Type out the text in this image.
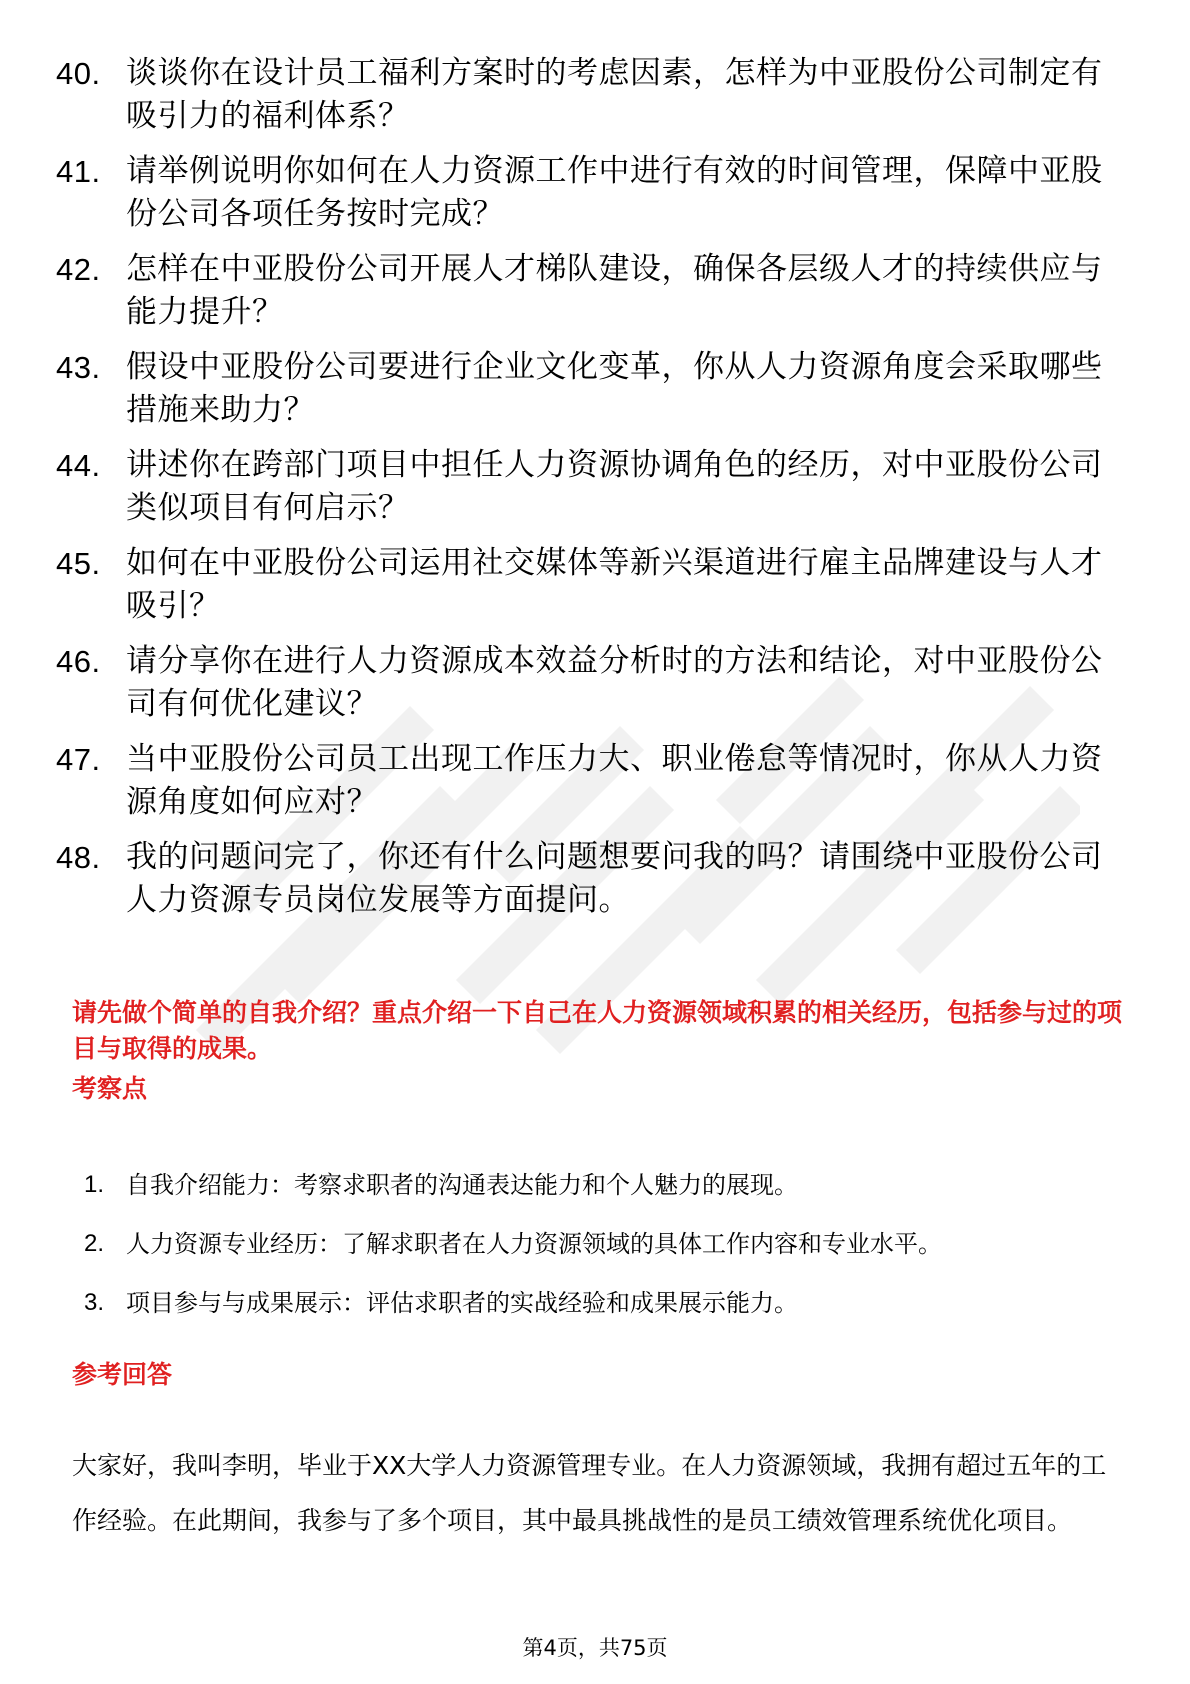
40. 谈谈你在设计员工福利方案时的考虑因素，怎样为中亚股份公司制定有吸引力的福利体系？
41. 请举例说明你如何在人力资源工作中进行有效的时间管理，保障中亚股份公司各项任务按时完成？
42. 怎样在中亚股份公司开展人才梯队建设，确保各层级人才的持续供应与能力提升？
43. 假设中亚股份公司要进行企业文化变革，你从人力资源角度会采取哪些措施来助力？
44. 讲述你在跨部门项目中担任人力资源协调角色的经历，对中亚股份公司类似项目有何启示？
45. 如何在中亚股份公司运用社交媒体等新兴渠道进行雇主品牌建设与人才吸引？
46. 请分享你在进行人力资源成本效益分析时的方法和结论，对中亚股份公司有何优化建议？
47. 当中亚股份公司员工出现工作压力大、职业倦怠等情况时，你从人力资源角度如何应对？
48. 我的问题问完了，你还有什么问题想要问我的吗？请围绕中亚股份公司人力资源专员岗位发展等方面提问。

请先做个简单的自我介绍？重点介绍一下自己在人力资源领域积累的相关经历，包括参与过的项目与取得的成果。

考察点
1. 自我介绍能力：考察求职者的沟通表达能力和个人魅力的展现。
2. 人力资源专业经历：了解求职者在人力资源领域的具体工作内容和专业水平。
3. 项目参与与成果展示：评估求职者的实战经验和成果展示能力。
参考回答

大家好，我叫李明，毕业于XX大学人力资源管理专业。在人力资源领域，我拥有超过五年的工作经验。在此期间，我参与了多个项目，其中最具挑战性的是员工绩效管理系统优化项目。

第4页，共75页
